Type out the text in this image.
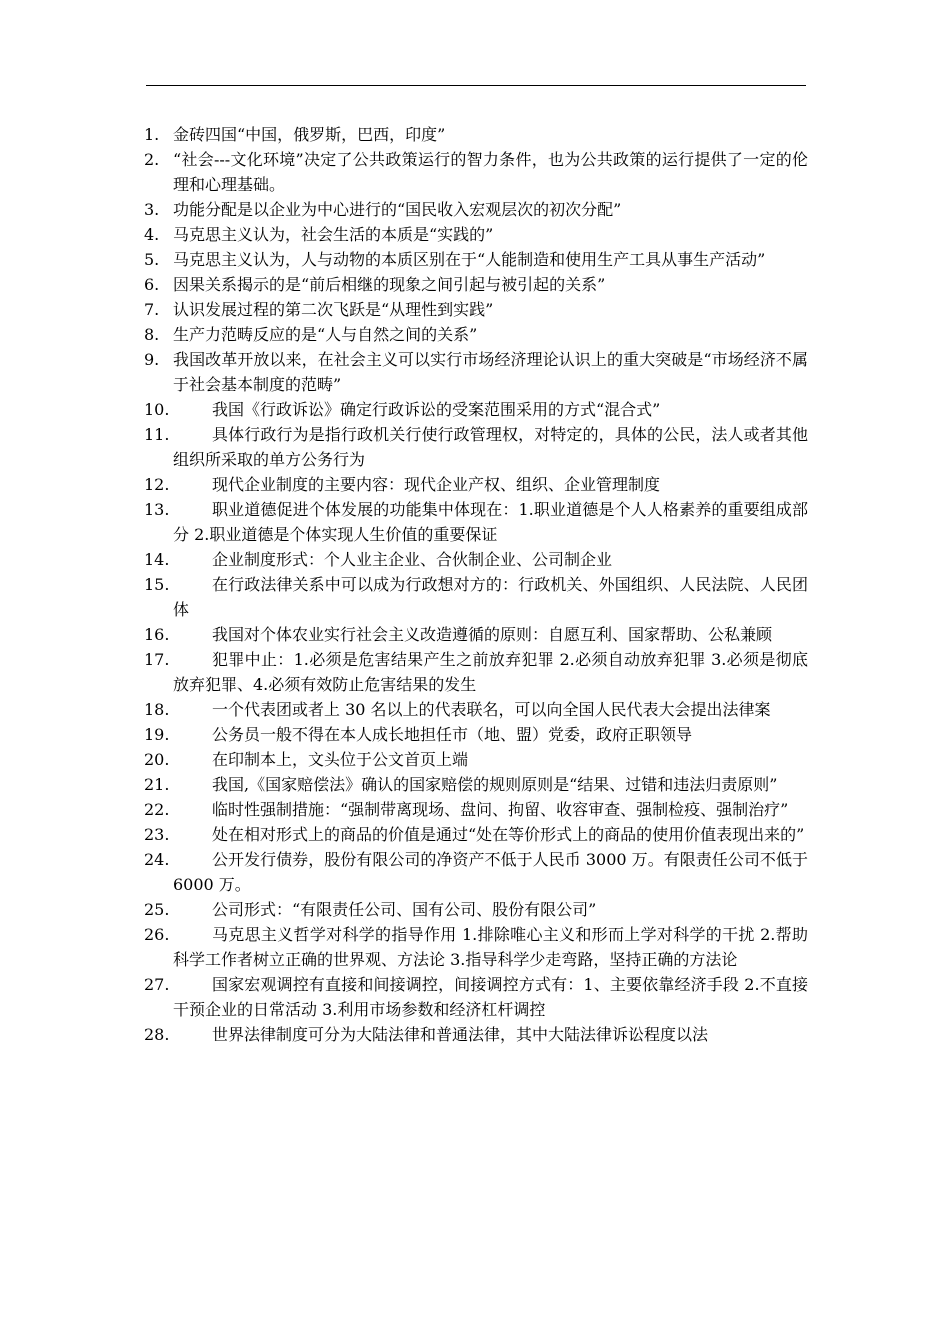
1. 金砖四国“中国，俄罗斯，巴西，印度”
2. “社会---文化环境”决定了公共政策运行的智力条件，也为公共政策的运行提供了一定的伦理和心理基础。
3. 功能分配是以企业为中心进行的“国民收入宏观层次的初次分配”
4. 马克思主义认为，社会生活的本质是“实践的”
5. 马克思主义认为，人与动物的本质区别在于“人能制造和使用生产工具从事生产活动”
6. 因果关系揭示的是“前后相继的现象之间引起与被引起的关系”
7. 认识发展过程的第二次飞跃是“从理性到实践”
8. 生产力范畴反应的是“人与自然之间的关系”
9. 我国改革开放以来，在社会主义可以实行市场经济理论认识上的重大突破是“市场经济不属于社会基本制度的范畴”
10.	我国《行政诉讼》确定行政诉讼的受案范围采用的方式“混合式”
11.	具体行政行为是指行政机关行使行政管理权，对特定的，具体的公民，法人或者其他组织所采取的单方公务行为
12.	现代企业制度的主要内容：现代企业产权、组织、企业管理制度
13.	职业道德促进个体发展的功能集中体现在：1.职业道德是个人人格素养的重要组成部分 2.职业道德是个体实现人生价值的重要保证
14.	企业制度形式：个人业主企业、合伙制企业、公司制企业
15.	在行政法律关系中可以成为行政想对方的：行政机关、外国组织、人民法院、人民团体
16.	我国对个体农业实行社会主义改造遵循的原则：自愿互利、国家帮助、公私兼顾
17.	犯罪中止：1.必须是危害结果产生之前放弃犯罪 2.必须自动放弃犯罪 3.必须是彻底放弃犯罪、4.必须有效防止危害结果的发生
18.	一个代表团或者上 30 名以上的代表联名，可以向全国人民代表大会提出法律案
19.	公务员一般不得在本人成长地担任市（地、盟）党委，政府正职领导
20.	在印制本上，文头位于公文首页上端
21.	我国,《国家赔偿法》确认的国家赔偿的规则原则是“结果、过错和违法归责原则”
22.	临时性强制措施：“强制带离现场、盘问、拘留、收容审查、强制检疫、强制治疗”
23.	处在相对形式上的商品的价值是通过“处在等价形式上的商品的使用价值表现出来的”
24.	公开发行债券，股份有限公司的净资产不低于人民币 3000 万。有限责任公司不低于 6000 万。
25.	公司形式：“有限责任公司、国有公司、股份有限公司”
26.	马克思主义哲学对科学的指导作用 1.排除唯心主义和形而上学对科学的干扰 2.帮助科学工作者树立正确的世界观、方法论 3.指导科学少走弯路，坚持正确的方法论
27.	国家宏观调控有直接和间接调控，间接调控方式有：1、主要依靠经济手段 2.不直接干预企业的日常活动 3.利用市场参数和经济杠杆调控
28.	世界法律制度可分为大陆法律和普通法律，其中大陆法律诉讼程度以法
